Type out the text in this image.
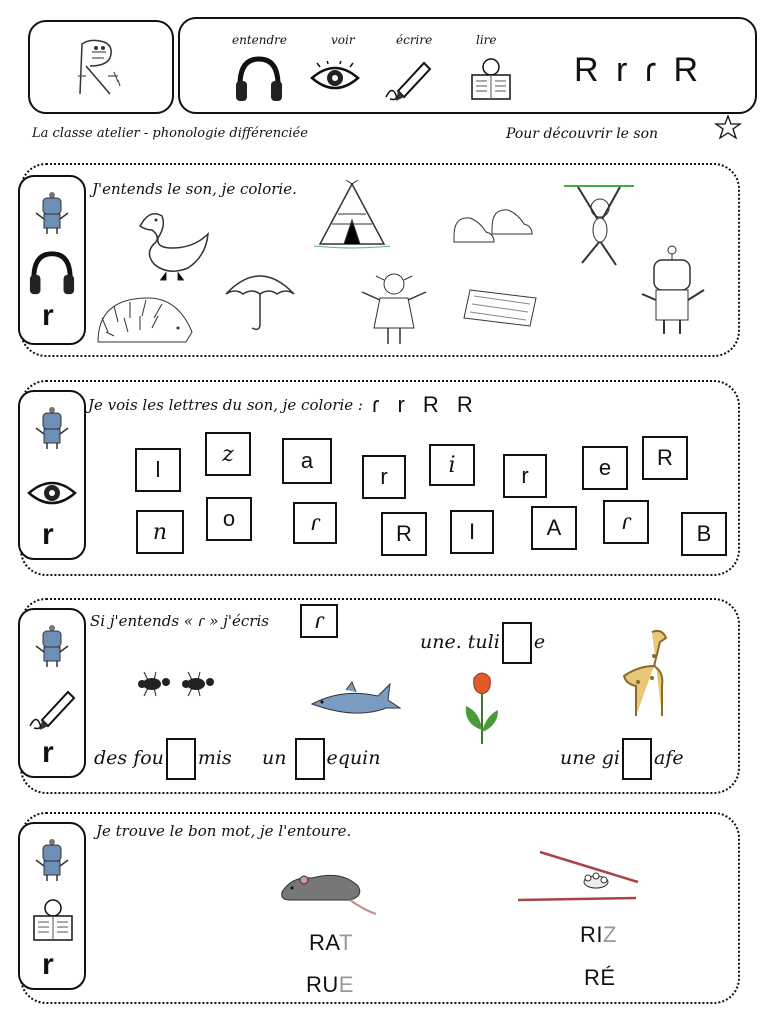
entendre	voir	écrire	lire
R r ɾ R
La classe atelier - phonologie différenciée	Pour découvrir le son
r
J'entends le son, je colorie.
r
Je vois les lettres du son, je colorie : ɾ r R R
l
z	a
r	i	r	e	R
n
o	ɾ	R	I	A	ɾ	B
r
Si j'entends « ɾ » j'écris	ɾ
une. tuli e
des fou mis un equin	une gi afe
r
Je trouve le bon mot, je l'entoure.
RAT
RUE
RIZ
RÉ
